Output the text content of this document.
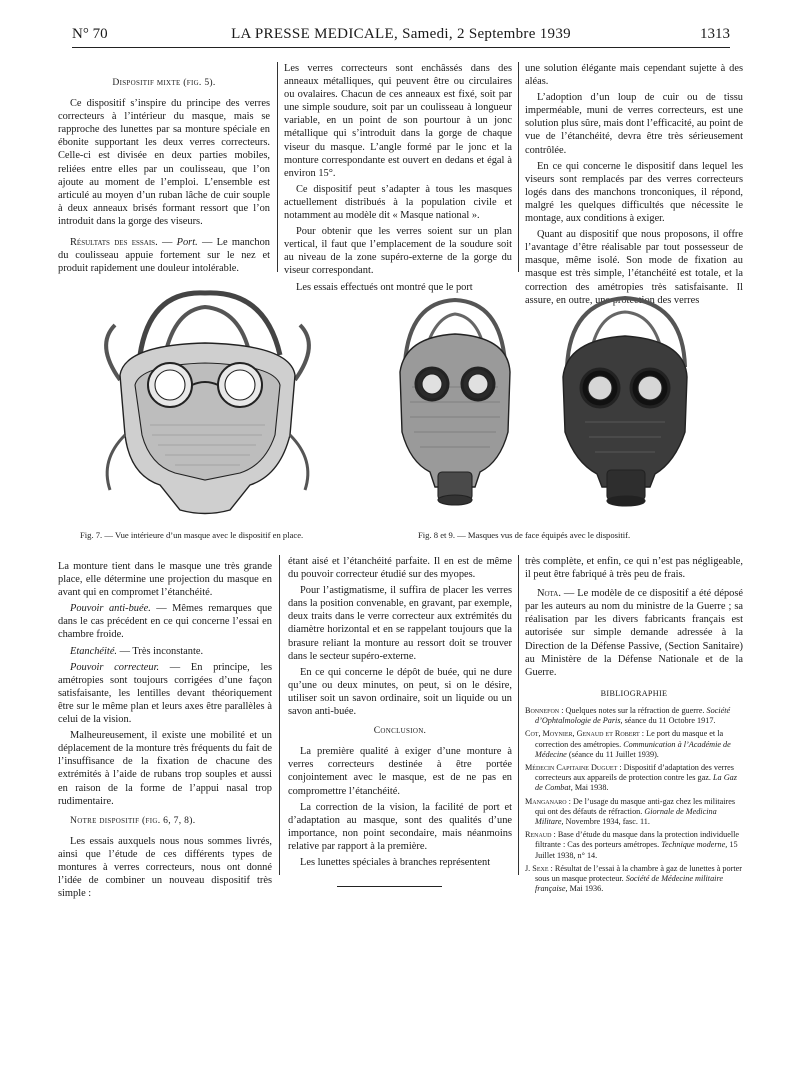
N° 70	LA PRESSE MEDICALE, Samedi, 2 Septembre 1939	1313
Dispositif mixte (fig. 5).

Ce dispositif s’inspire du principe des verres correcteurs à l’intérieur du masque, mais se rapproche des lunettes par sa monture spéciale en ébonite supportant les deux verres correcteurs. Celle-ci est divisée en deux parties mobiles, reliées entre elles par un coulisseau, que l’on ajoute au moment de l’emploi. L’ensemble est articulé au moyen d’un ruban lâche de cuir souple à deux anneaux brisés formant ressort que l’on introduit dans la gorge des viseurs.

Résultats des essais. — Port. — Le manchon du coulisseau appuie fortement sur le nez et produit rapidement une douleur intolérable.

Les verres correcteurs sont enchâssés dans des anneaux métalliques, qui peuvent être ou circulaires ou ovalaires. Chacun de ces anneaux est fixé, soit par une simple soudure, soit par un coulisseau à longueur variable, en un point de son pourtour à un jonc métallique qui s’introduit dans la gorge de chaque viseur du masque. L’angle formé par le jonc et la monture correspondante est ouvert en dedans et égal à environ 15°.

Ce dispositif peut s’adapter à tous les masques actuellement distribués à la population civile et notamment au modèle dit « Masque national ».

Pour obtenir que les verres soient sur un plan vertical, il faut que l’emplacement de la soudure soit au niveau de la zone supéro-externe de la gorge du viseur correspondant.

Les essais effectués ont montré que le port

une solution élégante mais cependant sujette à des aléas.

L’adoption d’un loup de cuir ou de tissu imperméable, muni de verres correcteurs, est une solution plus sûre, mais dont l’efficacité, au point de vue de l’étanchéité, devra être très sérieusement contrôlée.

En ce qui concerne le dispositif dans lequel les viseurs sont remplacés par des verres correcteurs logés dans des manchons tronconiques, il répond, malgré les quelques difficultés que nécessite le montage, aux conditions à exiger.

Quant au dispositif que nous proposons, il offre l’avantage d’être réalisable par tout possesseur de masque, même isolé. Son mode de fixation au masque est très simple, l’étanchéité est totale, et la correction des amétropies très satisfaisante. Il assure, en outre, une protection des verres

Fig. 7. — Vue intérieure d’un masque avec le dispositif en place.	Fig. 8 et 9. — Masques vus de face équipés avec le dispositif.

La monture tient dans le masque une très grande place, elle détermine une projection du masque en avant qui en compromet l’étanchéité.

Pouvoir anti-buée. — Mêmes remarques que dans le cas précédent en ce qui concerne l’essai en chambre froide.

Etanchéité. — Très inconstante.

Pouvoir correcteur. — En principe, les amétropies sont toujours corrigées d’une façon satisfaisante, les lentilles devant théoriquement être sur le même plan et leurs axes être parallèles à celui de la vision.

Malheureusement, il existe une mobilité et un déplacement de la monture très fréquents du fait de l’insuffisance de la fixation de chacune des extrémités à l’aide de rubans trop souples et aussi en raison de la forme de l’appui nasal trop rudimentaire.

Notre dispositif (fig. 6, 7, 8).

Les essais auxquels nous nous sommes livrés, ainsi que l’étude de ces différents types de montures à verres correcteurs, nous ont donné l’idée de combiner un nouveau dispositif très simple :

étant aisé et l’étanchéité parfaite. Il en est de même du pouvoir correcteur étudié sur des myopes.

Pour l’astigmatisme, il suffira de placer les verres dans la position convenable, en gravant, par exemple, deux traits dans le verre correcteur aux extrémités du diamètre horizontal et en se rappelant toujours que la brasure reliant la monture au ressort doit se trouver dans le secteur supéro-externe.

En ce qui concerne le dépôt de buée, qui ne dure qu’une ou deux minutes, on peut, si on le désire, utiliser soit un savon ordinaire, soit un liquide ou un savon anti-buée.

Conclusion.

La première qualité à exiger d’une monture à verres correcteurs destinée à être portée conjointement avec le masque, est de ne pas en compromettre l’étanchéité.

La correction de la vision, la facilité de port et d’adaptation au masque, sont des qualités d’une importance, non point secondaire, mais néanmoins relative par rapport à la première.

Les lunettes spéciales à branches représentent

très complète, et enfin, ce qui n’est pas négligeable, il peut être fabriqué à très peu de frais.

Nota. — Le modèle de ce dispositif a été déposé par les auteurs au nom du ministre de la Guerre ; sa réalisation par les divers fabricants français est autorisée sur simple demande adressée à la Direction de la Défense Passive, (Section Sanitaire) au Ministère de la Défense Nationale et de la Guerre.

BIBLIOGRAPHIE
Bonnefon : Quelques notes sur la réfraction de guerre. Société d’Ophtalmologie de Paris, séance du 11 Octobre 1917.
Cot, Moynier, Genaud et Robert : Le port du masque et la correction des amétropies. Communication à l’Académie de Médecine (séance du 11 Juillet 1939).
Médecin Capitaine Duguet : Dispositif d’adaptation des verres correcteurs aux appareils de protection contre les gaz. La Gaz de Combat, Mai 1938.
Manganaro : De l’usage du masque anti-gaz chez les militaires qui ont des défauts de réfraction. Giornale de Medicina Militare, Novembre 1934, fasc. 11.
Renaud : Base d’étude du masque dans la protection individuelle filtrante : Cas des porteurs amétropes. Technique moderne, 15 Juillet 1938, n° 14.
J. Sexe : Résultat de l’essai à la chambre à gaz de lunettes à porter sous un masque protecteur. Société de Médecine militaire française, Mai 1936.
